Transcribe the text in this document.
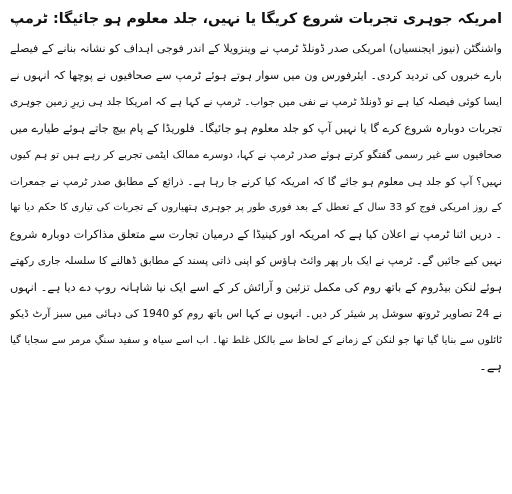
امریکہ جوہری تجربات شروع کریگا یا نہیں، جلد معلوم ہو جائیگا: ٹرمپ
واشنگٹن (نیوز ایجنسیاں) امریکی صدر ڈونلڈ ٹرمپ نے وینزویلا کے اندر فوجی اہداف کو نشانہ بنانے کے فیصلے
بارے خبروں کی تردید کردی۔ ایئرفورس ون میں سوار ہوتے ہوئے ٹرمپ سے صحافیوں نے پوچھا کہ انہوں نے
ایسا کوئی فیصلہ کیا ہے تو ڈونلڈ ٹرمپ نے نفی میں جواب۔ ٹرمپ نے کہا ہے کہ امریکا جلد ہی زیرِ زمین جوہری
تجربات دوبارہ شروع کرے گا یا نہیں آپ کو جلد معلوم ہو جائیگا۔ فلوریڈا کے پام بیچ جاتے ہوئے طیارے میں
صحافیوں سے غیر رسمی گفتگو کرتے ہوئے صدر ٹرمپ نے کہا، دوسرے ممالک ایٹمی تجربے کر رہے ہیں تو ہم کیوں
نہیں؟ آپ کو جلد ہی معلوم ہو جائے گا کہ امریکہ کیا کرنے جا رہا ہے۔ ذرائع کے مطابق صدر ٹرمپ نے جمعرات
کے روز امریکی فوج کو 33 سال کے تعطل کے بعد فوری طور پر جوہری ہتھیاروں کے تجربات کی تیاری کا حکم دیا تھا
۔ دریں اثنا ٹرمپ نے اعلان کیا ہے کہ امریکہ اور کینیڈا کے درمیان تجارت سے متعلق مذاکرات دوبارہ شروع
نہیں کیے جائیں گے۔ ٹرمپ نے ایک بار پھر وائٹ ہاؤس کو اپنی ذاتی پسند کے مطابق ڈھالنے کا سلسلہ جاری رکھتے
ہوئے لنکن بیڈروم کے باتھ روم کی مکمل تزئین و آرائش کر کے اسے ایک نیا شاہانہ روپ دے دیا ہے۔ انہوں
نے 24 تصاویر ٹروتھ سوشل پر شیئر کر دیں۔ انہوں نے کہا اس باتھ روم کو 1940 کی دہائی میں سبز آرٹ ڈیکو
ٹائلوں سے بنایا گیا تھا جو لنکن کے زمانے کے لحاظ سے بالکل غلط تھا۔ اب اسے سیاہ و سفید سنگِ مرمر سے سجایا گیا
ہے۔
